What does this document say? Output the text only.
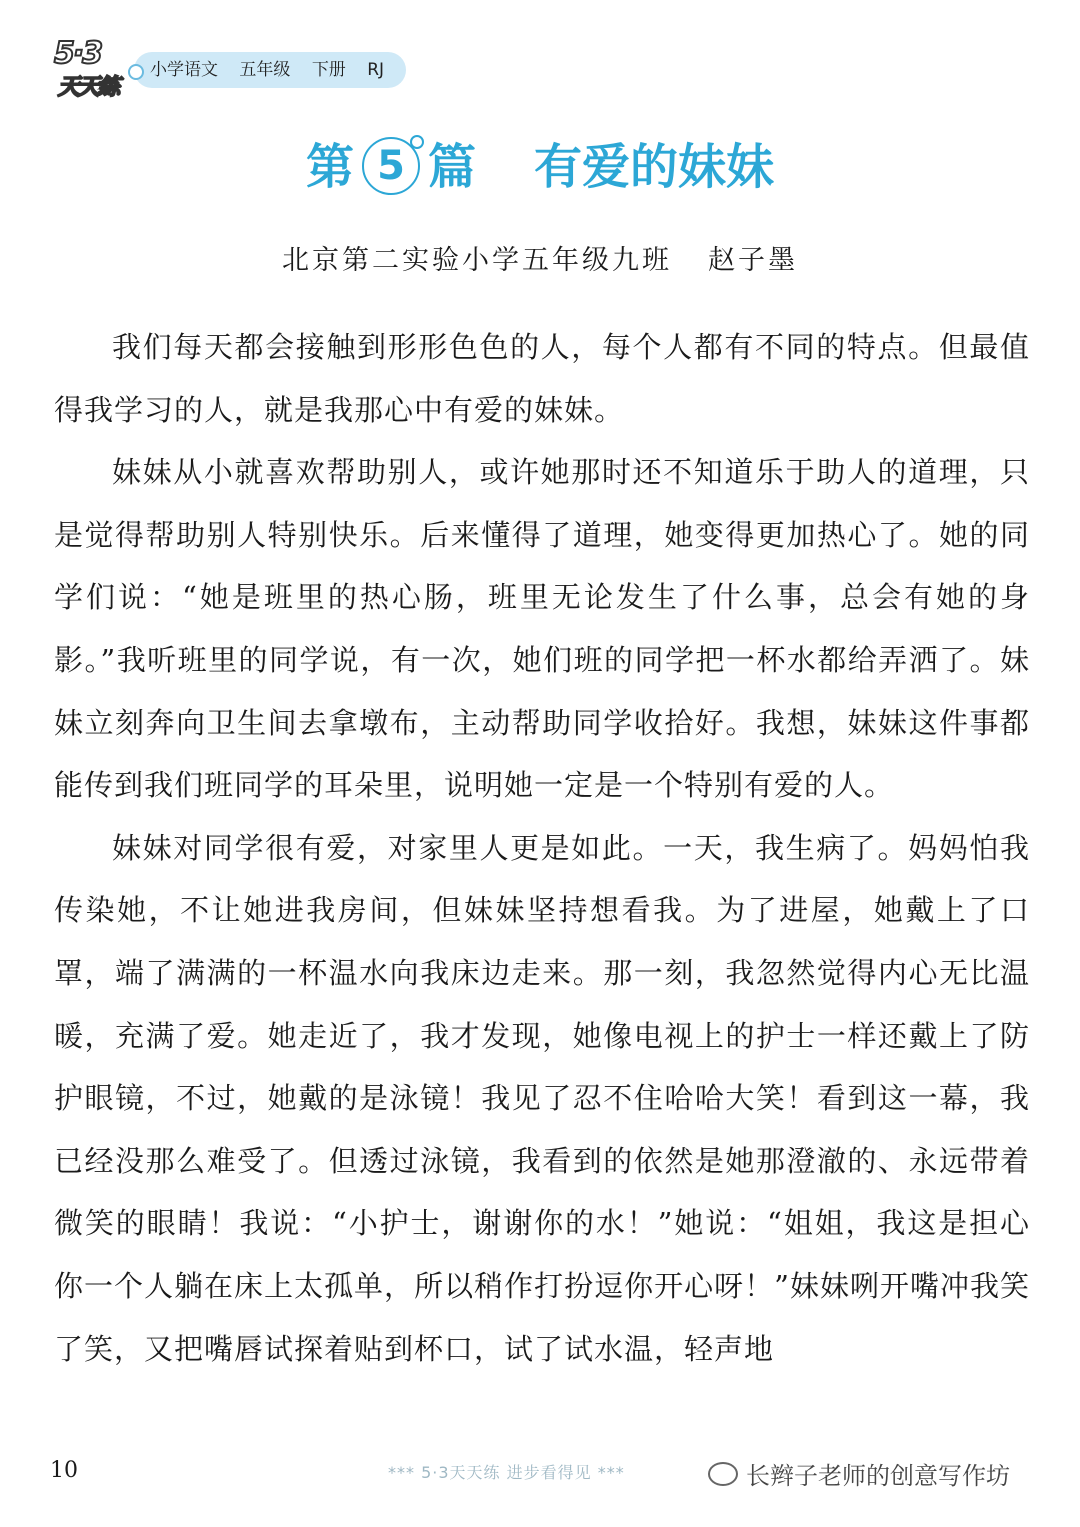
5·3
天天练
小学语文 五年级 下册 RJ
第 5 篇 有爱的妹妹
北京第二实验小学五年级九班 赵子墨

我们每天都会接触到形形色色的人，每个人都有不同的特点。但最值得我学习的人，就是我那心中有爱的妹妹。

妹妹从小就喜欢帮助别人，或许她那时还不知道乐于助人的道理，只是觉得帮助别人特别快乐。后来懂得了道理，她变得更加热心了。她的同学们说：“她是班里的热心肠，班里无论发生了什么事，总会有她的身影。”我听班里的同学说，有一次，她们班的同学把一杯水都给弄洒了。妹妹立刻奔向卫生间去拿墩布，主动帮助同学收拾好。我想，妹妹这件事都能传到我们班同学的耳朵里，说明她一定是一个特别有爱的人。

妹妹对同学很有爱，对家里人更是如此。一天，我生病了。妈妈怕我传染她，不让她进我房间，但妹妹坚持想看我。为了进屋，她戴上了口罩，端了满满的一杯温水向我床边走来。那一刻，我忽然觉得内心无比温暖，充满了爱。她走近了，我才发现，她像电视上的护士一样还戴上了防护眼镜，不过，她戴的是泳镜！我见了忍不住哈哈大笑！看到这一幕，我已经没那么难受了。但透过泳镜，我看到的依然是她那澄澈的、永远带着微笑的眼睛！我说：“小护士，谢谢你的水！”她说：“姐姐，我这是担心你一个人躺在床上太孤单，所以稍作打扮逗你开心呀！”妹妹咧开嘴冲我笑了笑，又把嘴唇试探着贴到杯口，试了试水温，轻声地

10	*** 5·3天天练 进步看得见 ***	长辫子老师的创意写作坊
